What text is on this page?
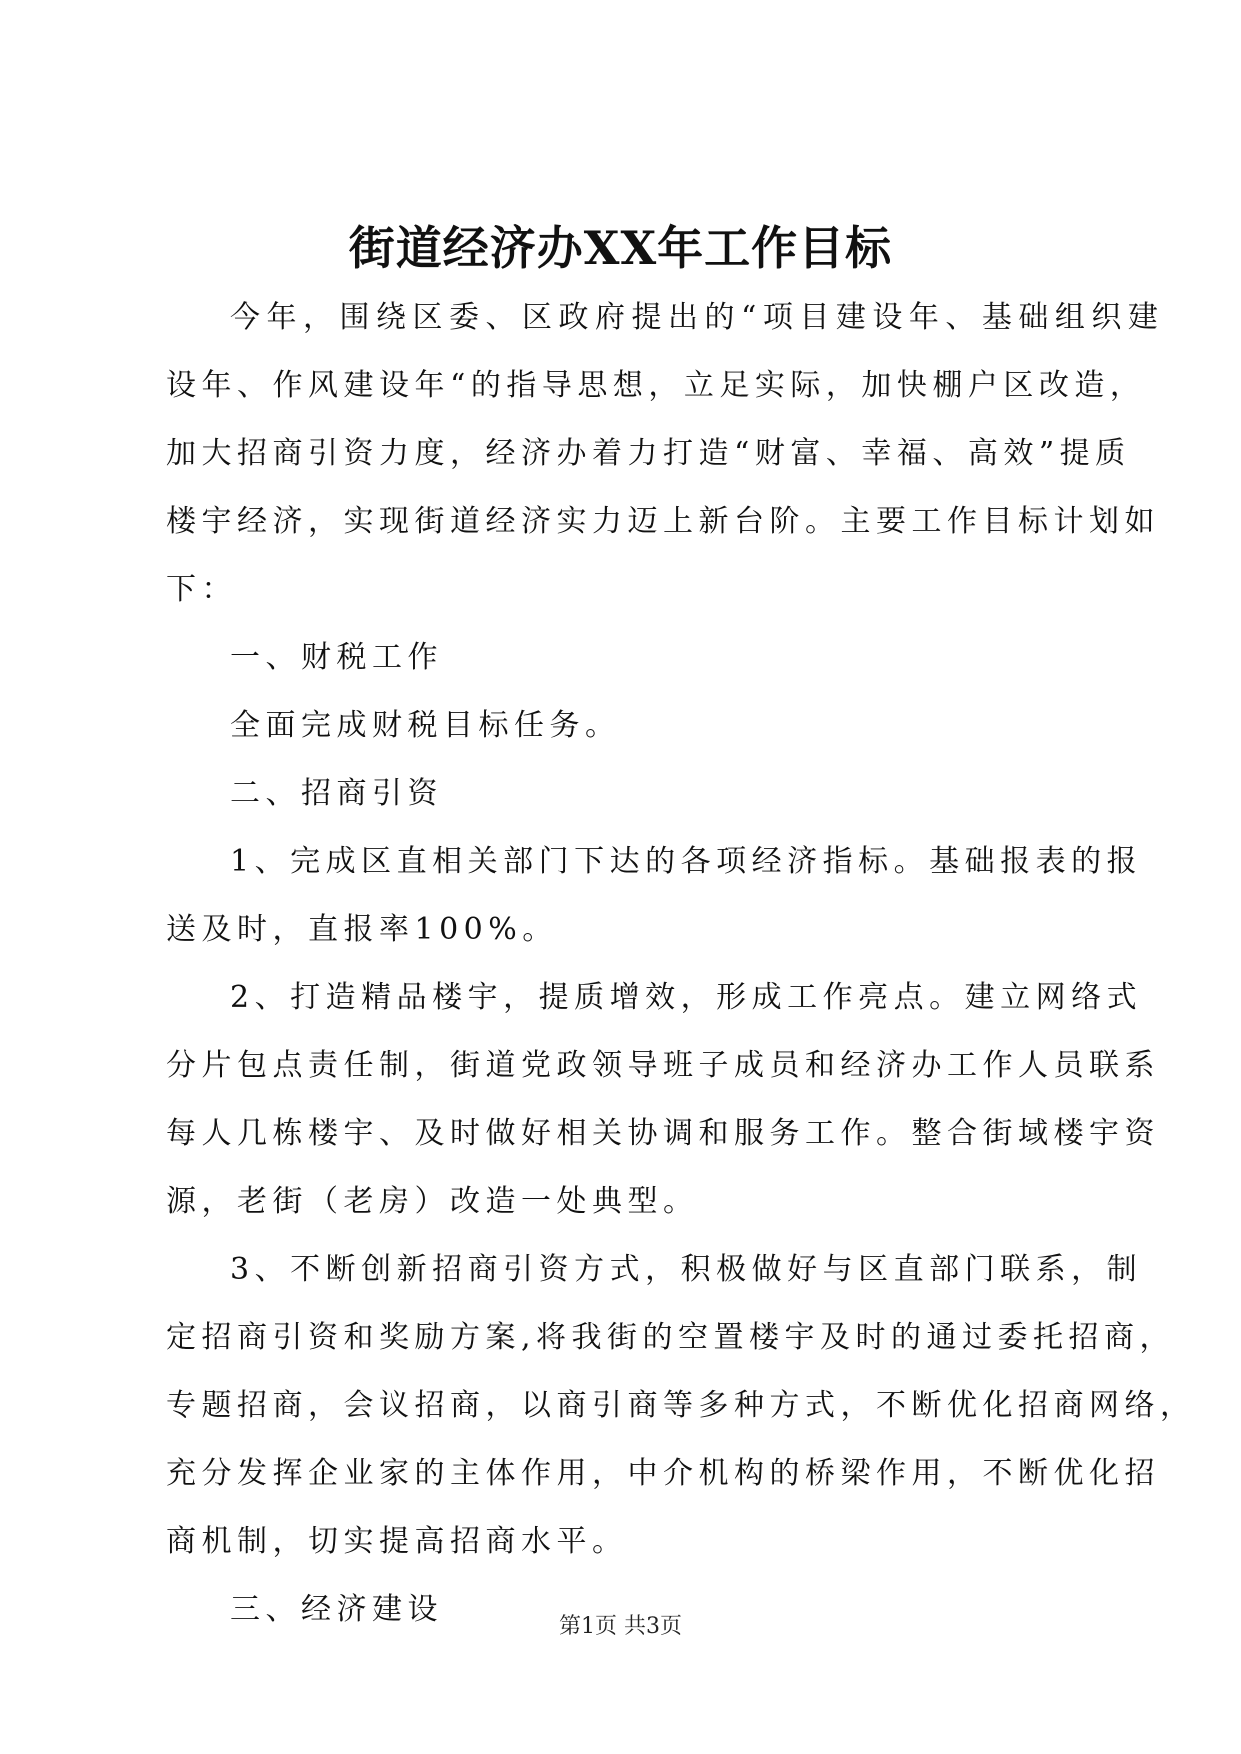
街道经济办XX年工作目标
今年，围绕区委、区政府提出的“项目建设年、基础组织建
设年、作风建设年“的指导思想，立足实际，加快棚户区改造，
加大招商引资力度，经济办着力打造“财富、幸福、高效”提质
楼宇经济，实现街道经济实力迈上新台阶。主要工作目标计划如
下：
一、财税工作
全面完成财税目标任务。
二、招商引资
1、完成区直相关部门下达的各项经济指标。基础报表的报
送及时，直报率100%。
2、打造精品楼宇，提质增效，形成工作亮点。建立网络式
分片包点责任制，街道党政领导班子成员和经济办工作人员联系
每人几栋楼宇、及时做好相关协调和服务工作。整合街域楼宇资
源，老街（老房）改造一处典型。
3、不断创新招商引资方式，积极做好与区直部门联系，制
定招商引资和奖励方案,将我街的空置楼宇及时的通过委托招商，
专题招商，会议招商，以商引商等多种方式，不断优化招商网络，
充分发挥企业家的主体作用，中介机构的桥梁作用，不断优化招
商机制，切实提高招商水平。
三、经济建设	第1页 共3页
